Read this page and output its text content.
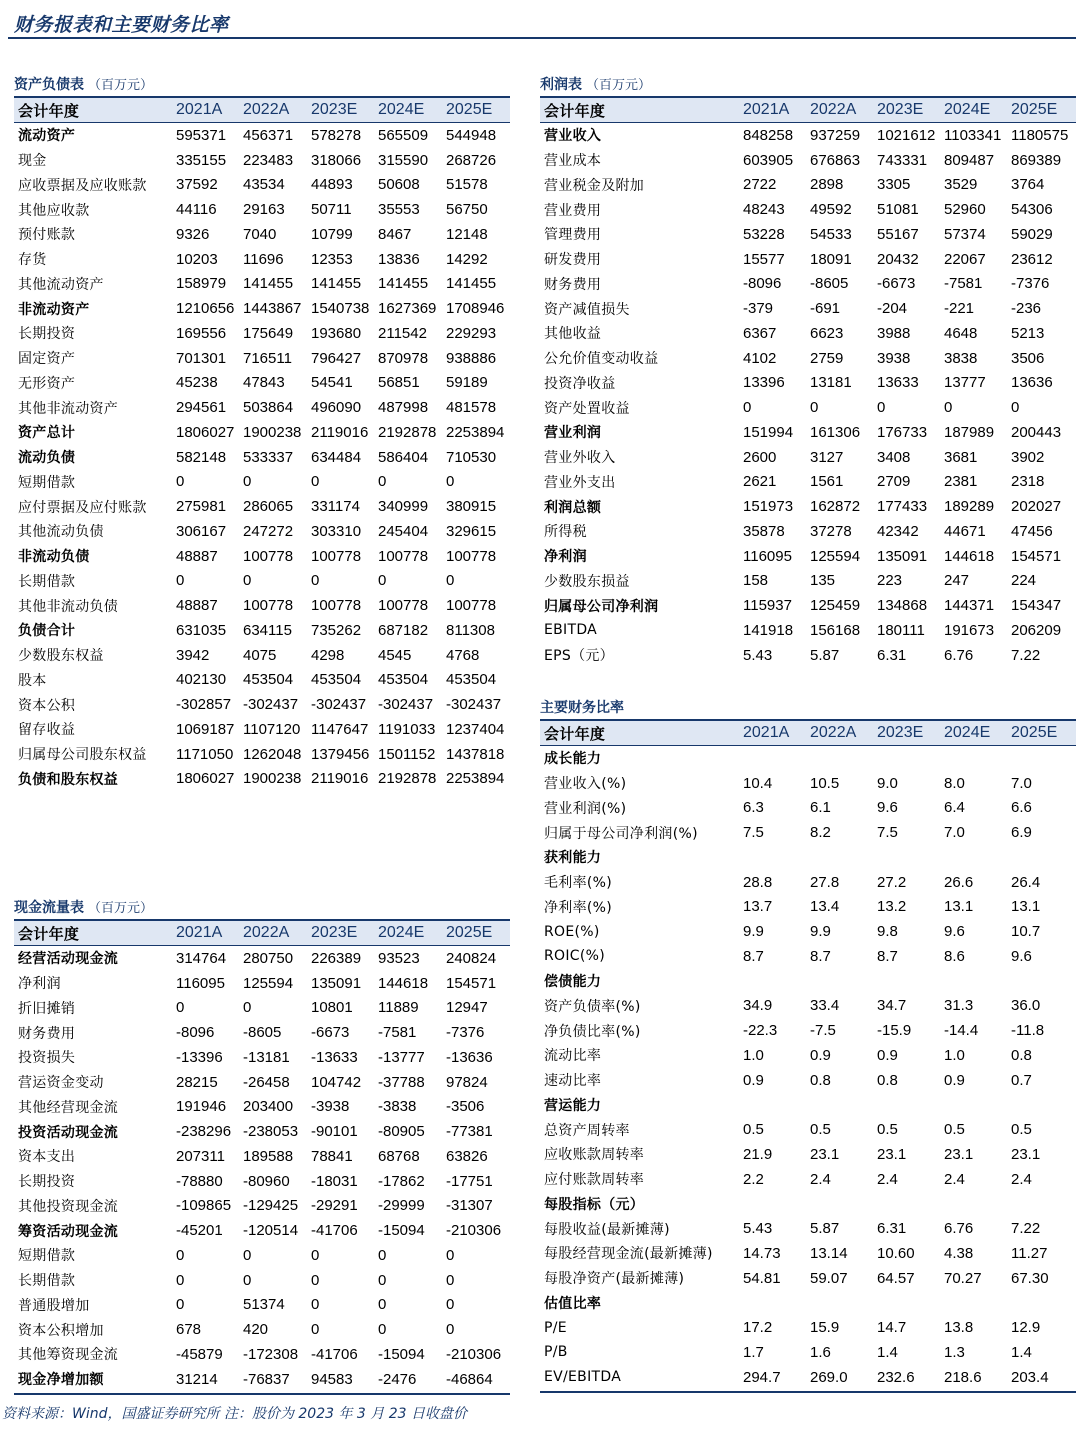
财务报表和主要财务比率
资产负债表 （百万元）
会计年度	2021A 2022A 2023E 2024E 2025E
流动资产	595371 456371 578278 565509 544948
现金	335155 223483 318066 315590 268726
应收票据及应收账款 37592 43534 44893 50608 51578
其他应收款	44116 29163 50711 35553 56750
预付账款	9326 7040 10799 8467 12148
存货	10203 11696 12353 13836 14292
其他流动资产	158979 141455 141455 141455 141455
非流动资产	1210656 1443867 1540738 1627369 1708946
长期投资	169556 175649 193680 211542 229293
固定资产	701301 716511 796427 870978 938886
无形资产	45238 47843 54541 56851 59189
其他非流动资产	294561 503864 496090 487998 481578
资产总计	1806027 1900238 2119016 2192878 2253894
流动负债	582148 533337 634484 586404 710530
短期借款	0	0	0	0	0
应付票据及应付账款 275981 286065 331174 340999 380915
其他流动负债	306167 247272 303310 245404 329615
非流动负债	48887 100778 100778 100778 100778
长期借款	0	0	0	0	0
其他非流动负债	48887 100778 100778 100778 100778
负债合计	631035 634115 735262 687182 811308
少数股东权益	3942 4075 4298 4545 4768
股本	402130 453504 453504 453504 453504
资本公积	-302857 -302437 -302437 -302437 -302437
留存收益	1069187 1107120 1147647 1191033 1237404
归属母公司股东权益 1171050 1262048 1379456 1501152 1437818
负债和股东权益	1806027 1900238 2119016 2192878 2253894
现金流量表 （百万元）
会计年度	2021A 2022A 2023E 2024E 2025E
经营活动现金流	314764 280750 226389 93523 240824
净利润	116095 125594 135091 144618 154571
折旧摊销	0	0	10801 11889 12947
财务费用	-8096 -8605 -6673 -7581 -7376
投资损失	-13396 -13181 -13633 -13777 -13636
营运资金变动	28215 -26458 104742 -37788 97824
其他经营现金流	191946 203400 -3938 -3838 -3506
投资活动现金流	-238296 -238053 -90101 -80905 -77381
资本支出	207311 189588 78841 68768 63826
长期投资	-78880 -80960 -18031 -17862 -17751
其他投资现金流	-109865 -129425 -29291 -29999 -31307
筹资活动现金流	-45201 -120514 -41706 -15094 -210306
短期借款	0	0	0	0	0
长期借款	0	0	0	0	0
普通股增加	0	51374 0	0	0
资本公积增加	678	420	0	0	0
其他筹资现金流	-45879 -172308 -41706 -15094 -210306
现金净增加额	31214 -76837 94583 -2476 -46864
利润表 （百万元）
会计年度	2021A 2022A 2023E 2024E 2025E
营业收入	848258 937259 1021612 1103341 1180575
营业成本	603905 676863 743331 809487 869389
营业税金及附加	2722 2898 3305 3529 3764
营业费用	48243 49592 51081 52960 54306
管理费用	53228 54533 55167 57374 59029
研发费用	15577 18091 20432 22067 23612
财务费用	-8096 -8605 -6673 -7581 -7376
资产减值损失	-379 -691 -204 -221 -236
其他收益	6367 6623 3988 4648 5213
公允价值变动收益	4102 2759 3938 3838 3506
投资净收益	13396 13181 13633 13777 13636
资产处置收益	0	0	0	0	0
营业利润	151994 161306 176733 187989 200443
营业外收入	2600 3127 3408 3681 3902
营业外支出	2621 1561 2709 2381 2318
利润总额	151973 162872 177433 189289 202027
所得税	35878 37278 42342 44671 47456
净利润	116095 125594 135091 144618 154571
少数股东损益	158	135	223	247	224
归属母公司净利润	115937 125459 134868 144371 154347
EBITDA	141918 156168 180111 191673 206209
EPS（元）	5.43	5.87	6.31	6.76	7.22
主要财务比率
会计年度	2021A 2022A 2023E 2024E 2025E
成长能力
营业收入(%)	10.4	10.5	9.0	8.0	7.0
营业利润(%)	6.3	6.1	9.6	6.4	6.6
归属于母公司净利润(%)	7.5	8.2	7.5	7.0	6.9
获利能力
毛利率(%)	28.8	27.8	27.2	26.6	26.4
净利率(%)	13.7	13.4	13.2	13.1	13.1
ROE(%)	9.9	9.9	9.8	9.6	10.7
ROIC(%)	8.7	8.7	8.7	8.6	9.6
偿债能力
资产负债率(%)	34.9	33.4	34.7	31.3	36.0
净负债比率(%)	-22.3 -7.5	-15.9 -14.4 -11.8
流动比率	1.0	0.9	0.9	1.0	0.8
速动比率	0.9	0.8	0.8	0.9	0.7
营运能力
总资产周转率	0.5	0.5	0.5	0.5	0.5
应收账款周转率	21.9	23.1	23.1	23.1	23.1
应付账款周转率	2.2	2.4	2.4	2.4	2.4
每股指标（元）
每股收益(最新摊薄)	5.43	5.87	6.31	6.76	7.22
每股经营现金流(最新摊薄) 14.73 13.14 10.60 4.38	11.27
每股净资产(最新摊薄)	54.81 59.07 64.57 70.27 67.30
估值比率
P/E	17.2	15.9	14.7	13.8	12.9
P/B	1.7	1.6	1.4	1.3	1.4
EV/EBITDA	294.7 269.0 232.6 218.6 203.4
资料来源：Wind，国盛证券研究所 注：股价为 2023 年 3 月 23 日收盘价
